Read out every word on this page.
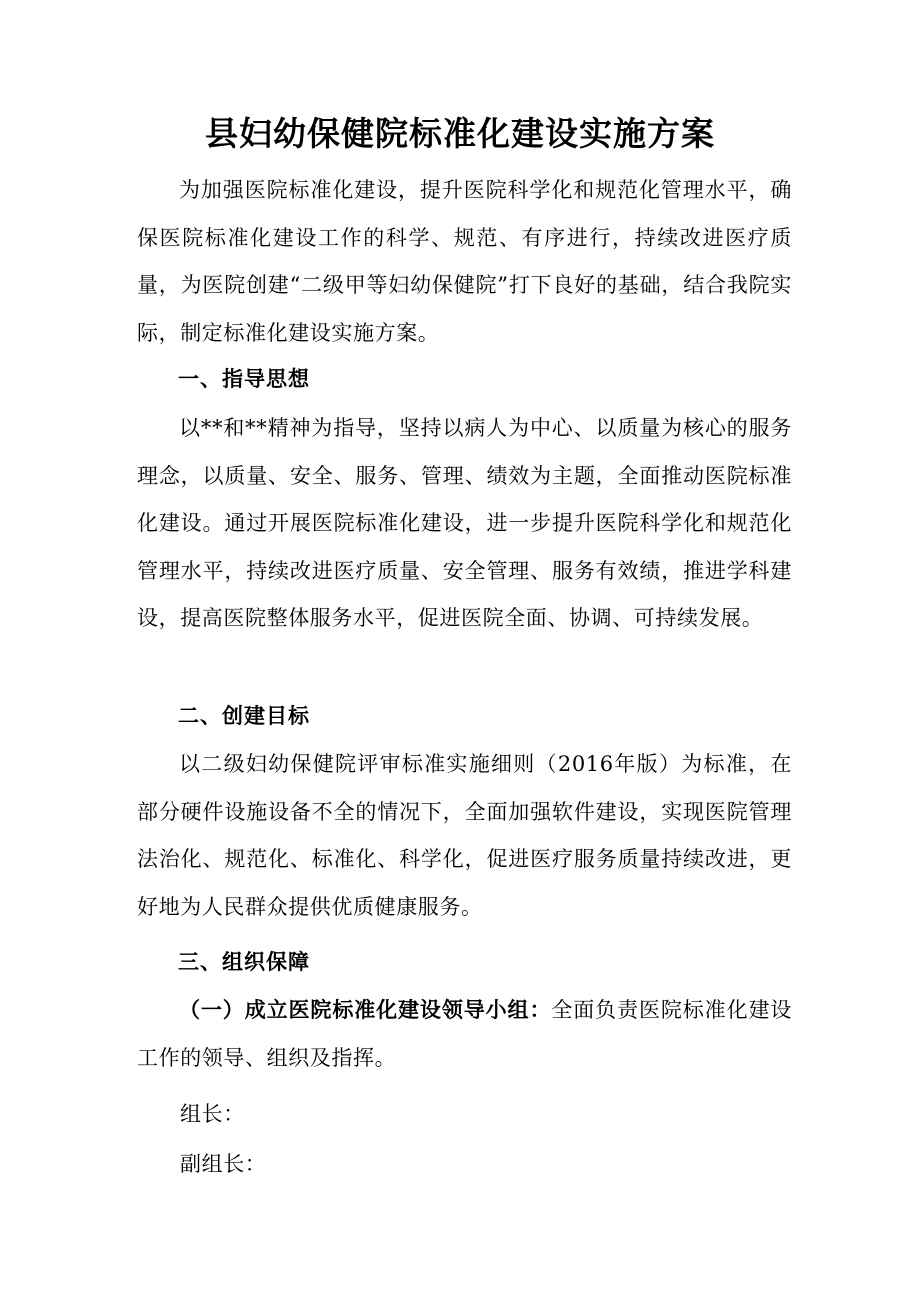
县妇幼保健院标准化建设实施方案

为加强医院标准化建设，提升医院科学化和规范化管理水平，确保医院标准化建设工作的科学、规范、有序进行，持续改进医疗质量，为医院创建“二级甲等妇幼保健院”打下良好的基础，结合我院实际，制定标准化建设实施方案。

一、指导思想

以**和**精神为指导，坚持以病人为中心、以质量为核心的服务理念，以质量、安全、服务、管理、绩效为主题，全面推动医院标准化建设。通过开展医院标准化建设，进一步提升医院科学化和规范化管理水平，持续改进医疗质量、安全管理、服务有效绩，推进学科建设，提高医院整体服务水平，促进医院全面、协调、可持续发展。

二、创建目标

以二级妇幼保健院评审标准实施细则（2016年版）为标准，在部分硬件设施设备不全的情况下，全面加强软件建设，实现医院管理法治化、规范化、标准化、科学化，促进医疗服务质量持续改进，更好地为人民群众提供优质健康服务。

三、组织保障

（一）成立医院标准化建设领导小组：全面负责医院标准化建设工作的领导、组织及指挥。

组长：

副组长：
